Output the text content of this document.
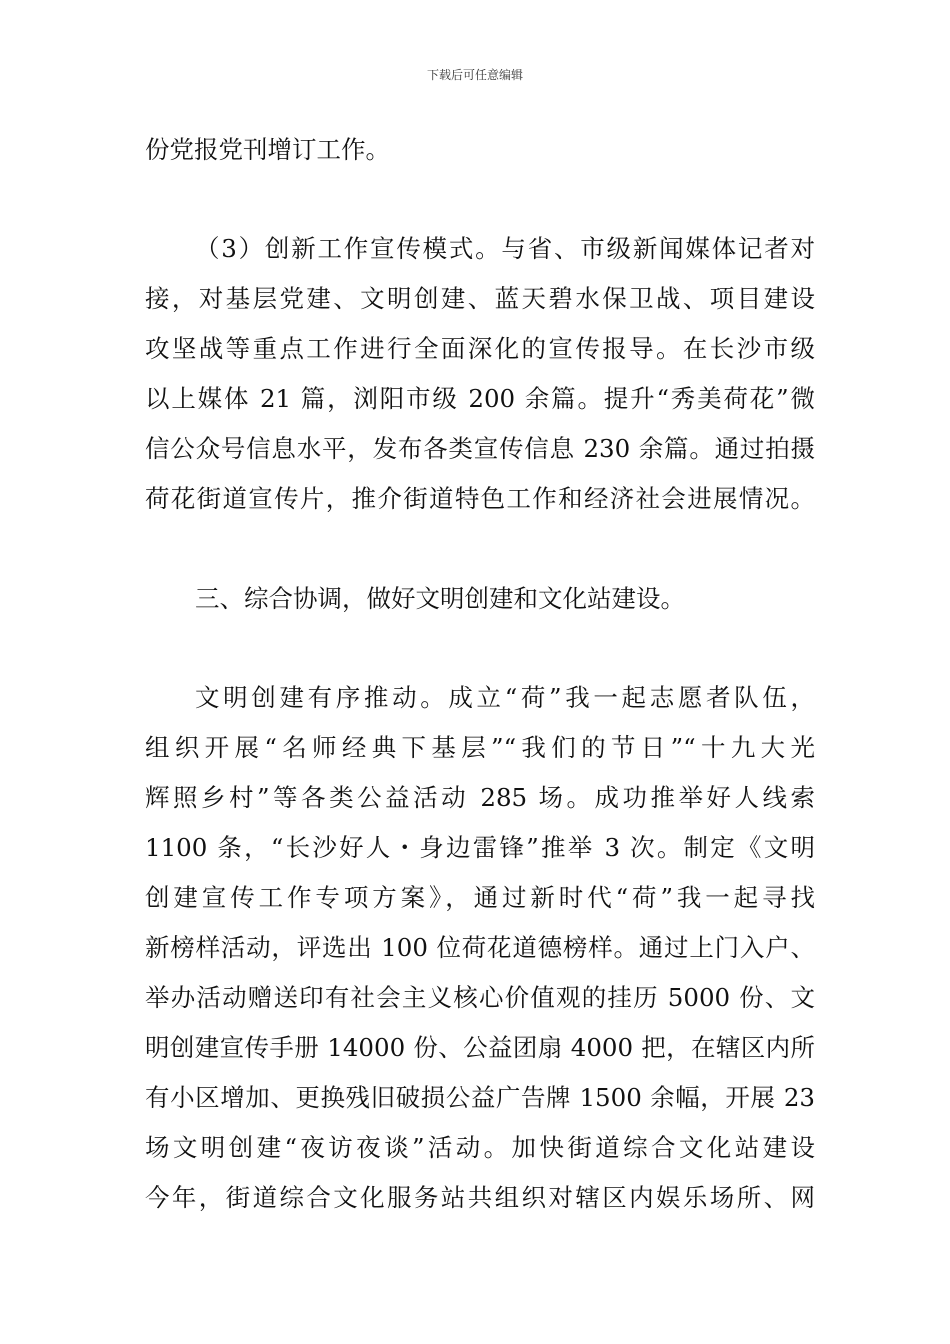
下载后可任意编辑
份党报党刊增订工作。
（3）创新工作宣传模式。与省、市级新闻媒体记者对
接，对基层党建、文明创建、蓝天碧水保卫战、项目建设
攻坚战等重点工作进行全面深化的宣传报导。在长沙市级
以上媒体 21 篇，浏阳市级 200 余篇。提升“秀美荷花”微
信公众号信息水平，发布各类宣传信息 230 余篇。通过拍摄
荷花街道宣传片，推介街道特色工作和经济社会进展情况。
三、综合协调，做好文明创建和文化站建设。
文明创建有序推动。成立“荷”我一起志愿者队伍，
组织开展“名师经典下基层”“我们的节日”“十九大光
辉照乡村”等各类公益活动 285 场。成功推举好人线索
1100 条，“长沙好人・身边雷锋”推举 3 次。制定《文明
创建宣传工作专项方案》，通过新时代“荷”我一起寻找
新榜样活动，评选出 100 位荷花道德榜样。通过上门入户、
举办活动赠送印有社会主义核心价值观的挂历 5000 份、文
明创建宣传手册 14000 份、公益团扇 4000 把，在辖区内所
有小区增加、更换残旧破损公益广告牌 1500 余幅，开展 23
场文明创建“夜访夜谈”活动。加快街道综合文化站建设
今年，街道综合文化服务站共组织对辖区内娱乐场所、网
